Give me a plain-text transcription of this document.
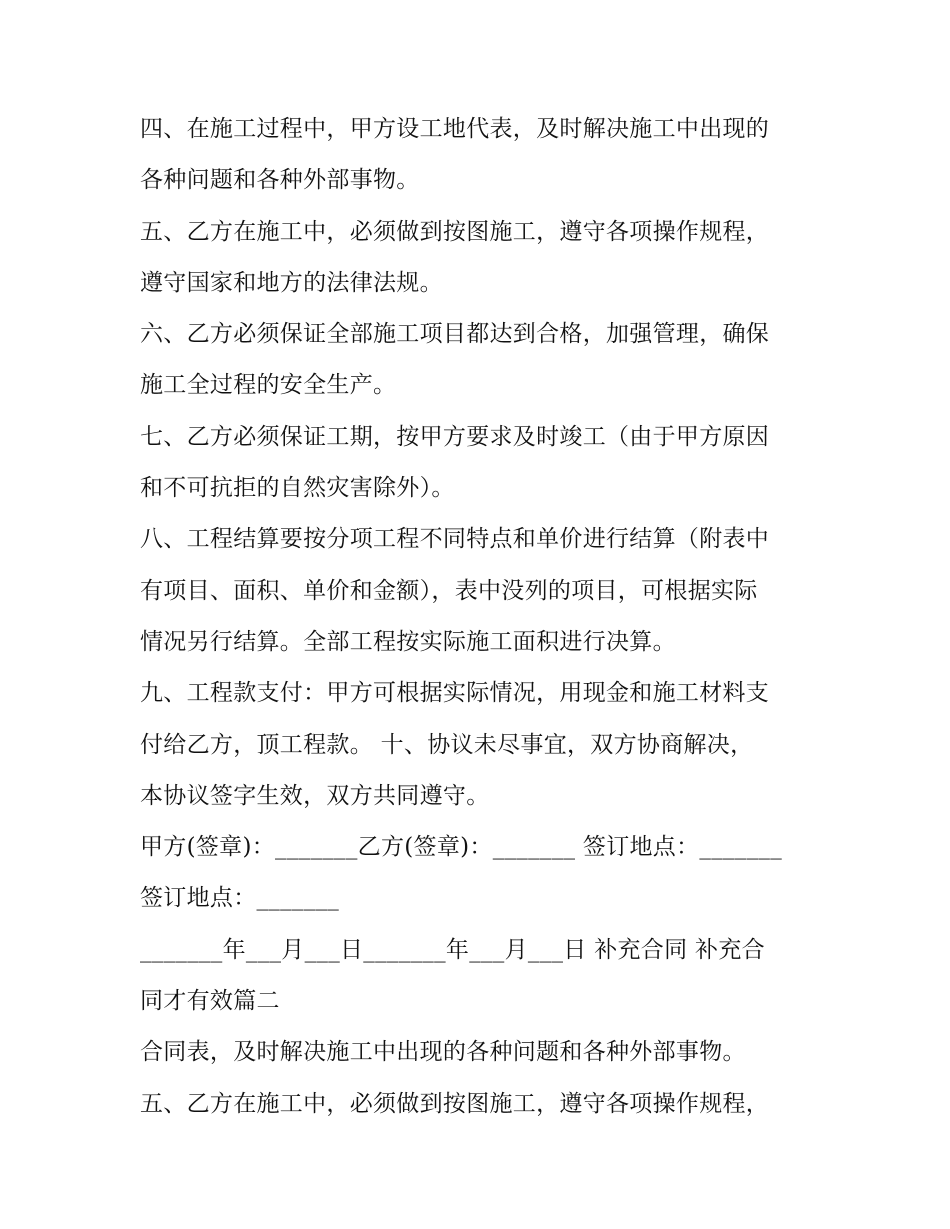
四、在施工过程中，甲方设工地代表，及时解决施工中出现的
各种问题和各种外部事物。
五、乙方在施工中，必须做到按图施工，遵守各项操作规程，
遵守国家和地方的法律法规。
六、乙方必须保证全部施工项目都达到合格，加强管理，确保
施工全过程的安全生产。
七、乙方必须保证工期，按甲方要求及时竣工（由于甲方原因
和不可抗拒的自然灾害除外）。
八、工程结算要按分项工程不同特点和单价进行结算（附表中
有项目、面积、单价和金额），表中没列的项目，可根据实际
情况另行结算。全部工程按实际施工面积进行决算。
九、工程款支付：甲方可根据实际情况，用现金和施工材料支
付给乙方，顶工程款。 十、协议未尽事宜，双方协商解决，
本协议签字生效，双方共同遵守。
甲方(签章)：_______乙方(签章)：_______ 签订地点：_______
签订地点：_______
_______年___月___日_______年___月___日 补充合同 补充合
同才有效篇二
合同表，及时解决施工中出现的各种问题和各种外部事物。
五、乙方在施工中，必须做到按图施工，遵守各项操作规程，
